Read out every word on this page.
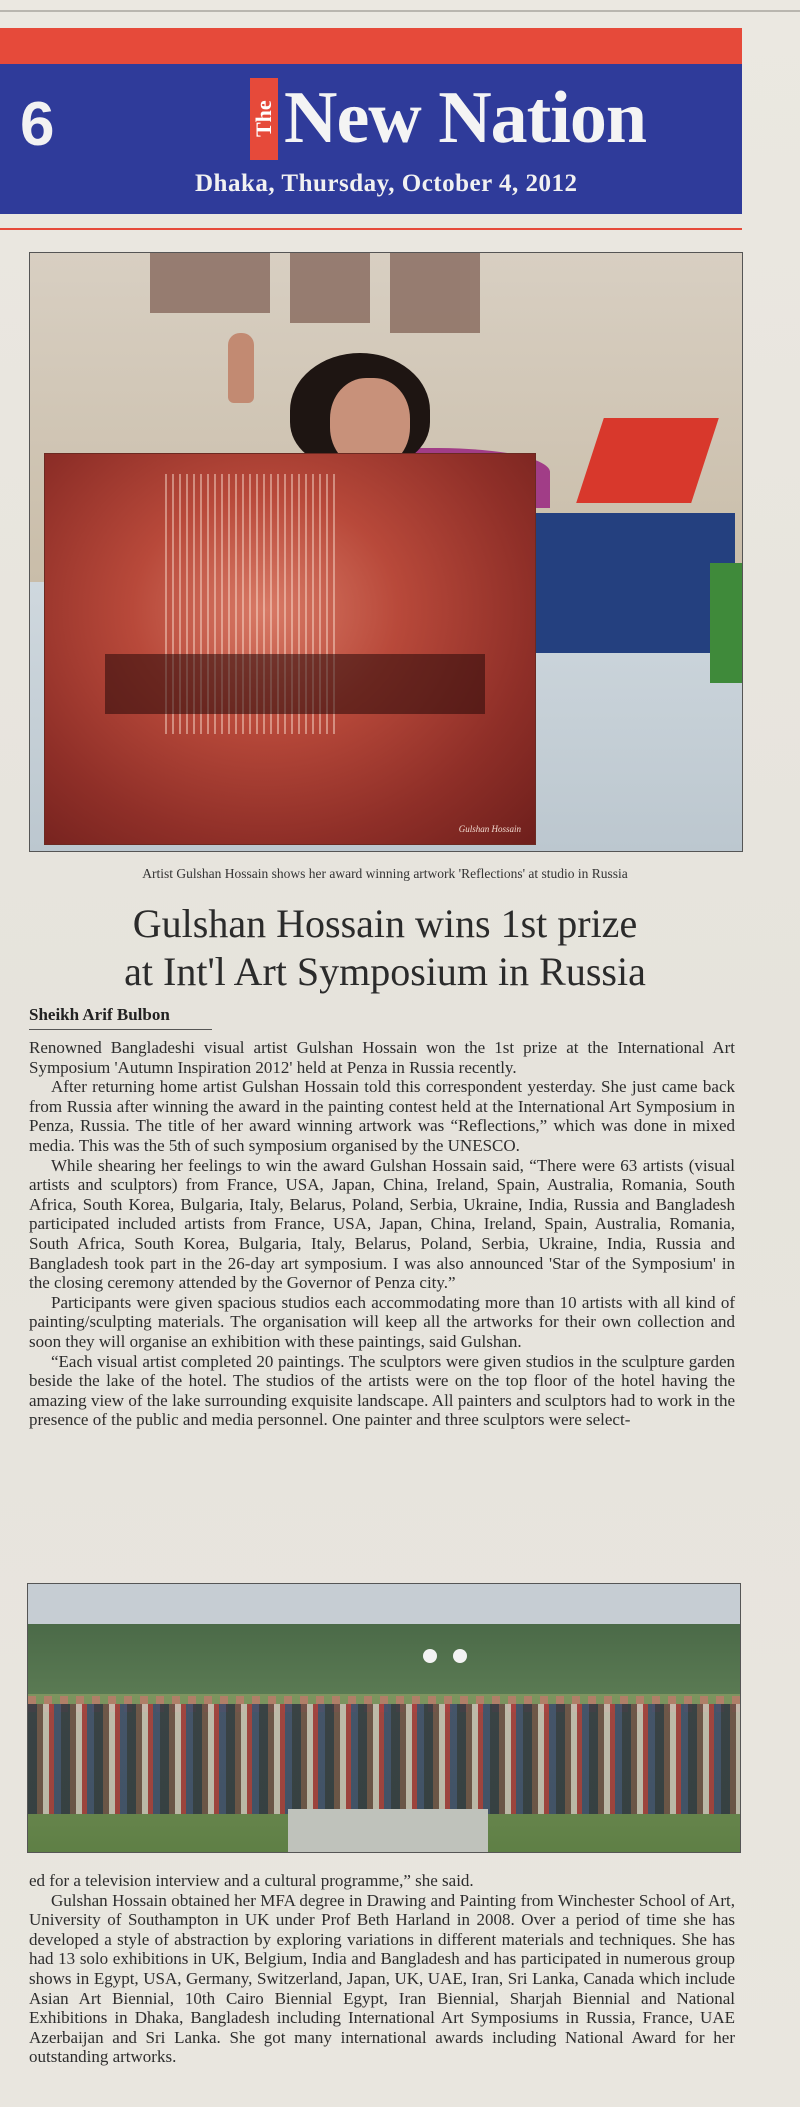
6	The New Nation
Dhaka, Thursday, October 4, 2012
Gulshan Hossain
Artist Gulshan Hossain shows her award winning artwork 'Reflections' at studio in Russia
Gulshan Hossain wins 1st prize
at Int'l Art Symposium in Russia
Sheikh Arif Bulbon

Renowned Bangladeshi visual artist Gulshan Hossain won the 1st prize at the International Art Symposium 'Autumn Inspiration 2012' held at Penza in Russia recently.

After returning home artist Gulshan Hossain told this correspondent yesterday. She just came back from Russia after winning the award in the painting contest held at the International Art Symposium in Penza, Russia. The title of her award winning artwork was “Reflections,” which was done in mixed media. This was the 5th of such symposium organised by the UNESCO.

While shearing her feelings to win the award Gulshan Hossain said, “There were 63 artists (visual artists and sculptors) from France, USA, Japan, China, Ireland, Spain, Australia, Romania, South Africa, South Korea, Bulgaria, Italy, Belarus, Poland, Serbia, Ukraine, India, Russia and Bangladesh participated included artists from France, USA, Japan, China, Ireland, Spain, Australia, Romania, South Africa, South Korea, Bulgaria, Italy, Belarus, Poland, Serbia, Ukraine, India, Russia and Bangladesh took part in the 26-day art symposium. I was also announced 'Star of the Symposium' in the closing ceremony attended by the Governor of Penza city.”

Participants were given spacious studios each accommodating more than 10 artists with all kind of painting/sculpting materials. The organisation will keep all the artworks for their own collection and soon they will organise an exhibition with these paintings, said Gulshan.

“Each visual artist completed 20 paintings. The sculptors were given studios in the sculpture garden beside the lake of the hotel. The studios of the artists were on the top floor of the hotel having the amazing view of the lake surrounding exquisite landscape. All painters and sculptors had to work in the presence of the public and media personnel. One painter and three sculptors were select-

ed for a television interview and a cultural programme,” she said.

Gulshan Hossain obtained her MFA degree in Drawing and Painting from Winchester School of Art, University of Southampton in UK under Prof Beth Harland in 2008. Over a period of time she has developed a style of abstraction by exploring variations in different materials and techniques. She has had 13 solo exhibitions in UK, Belgium, India and Bangladesh and has participated in numerous group shows in Egypt, USA, Germany, Switzerland, Japan, UK, UAE, Iran, Sri Lanka, Canada which include Asian Art Biennial, 10th Cairo Biennial Egypt, Iran Biennial, Sharjah Biennial and National Exhibitions in Dhaka, Bangladesh including International Art Symposiums in Russia, France, UAE Azerbaijan and Sri Lanka. She got many international awards including National Award for her outstanding artworks.
